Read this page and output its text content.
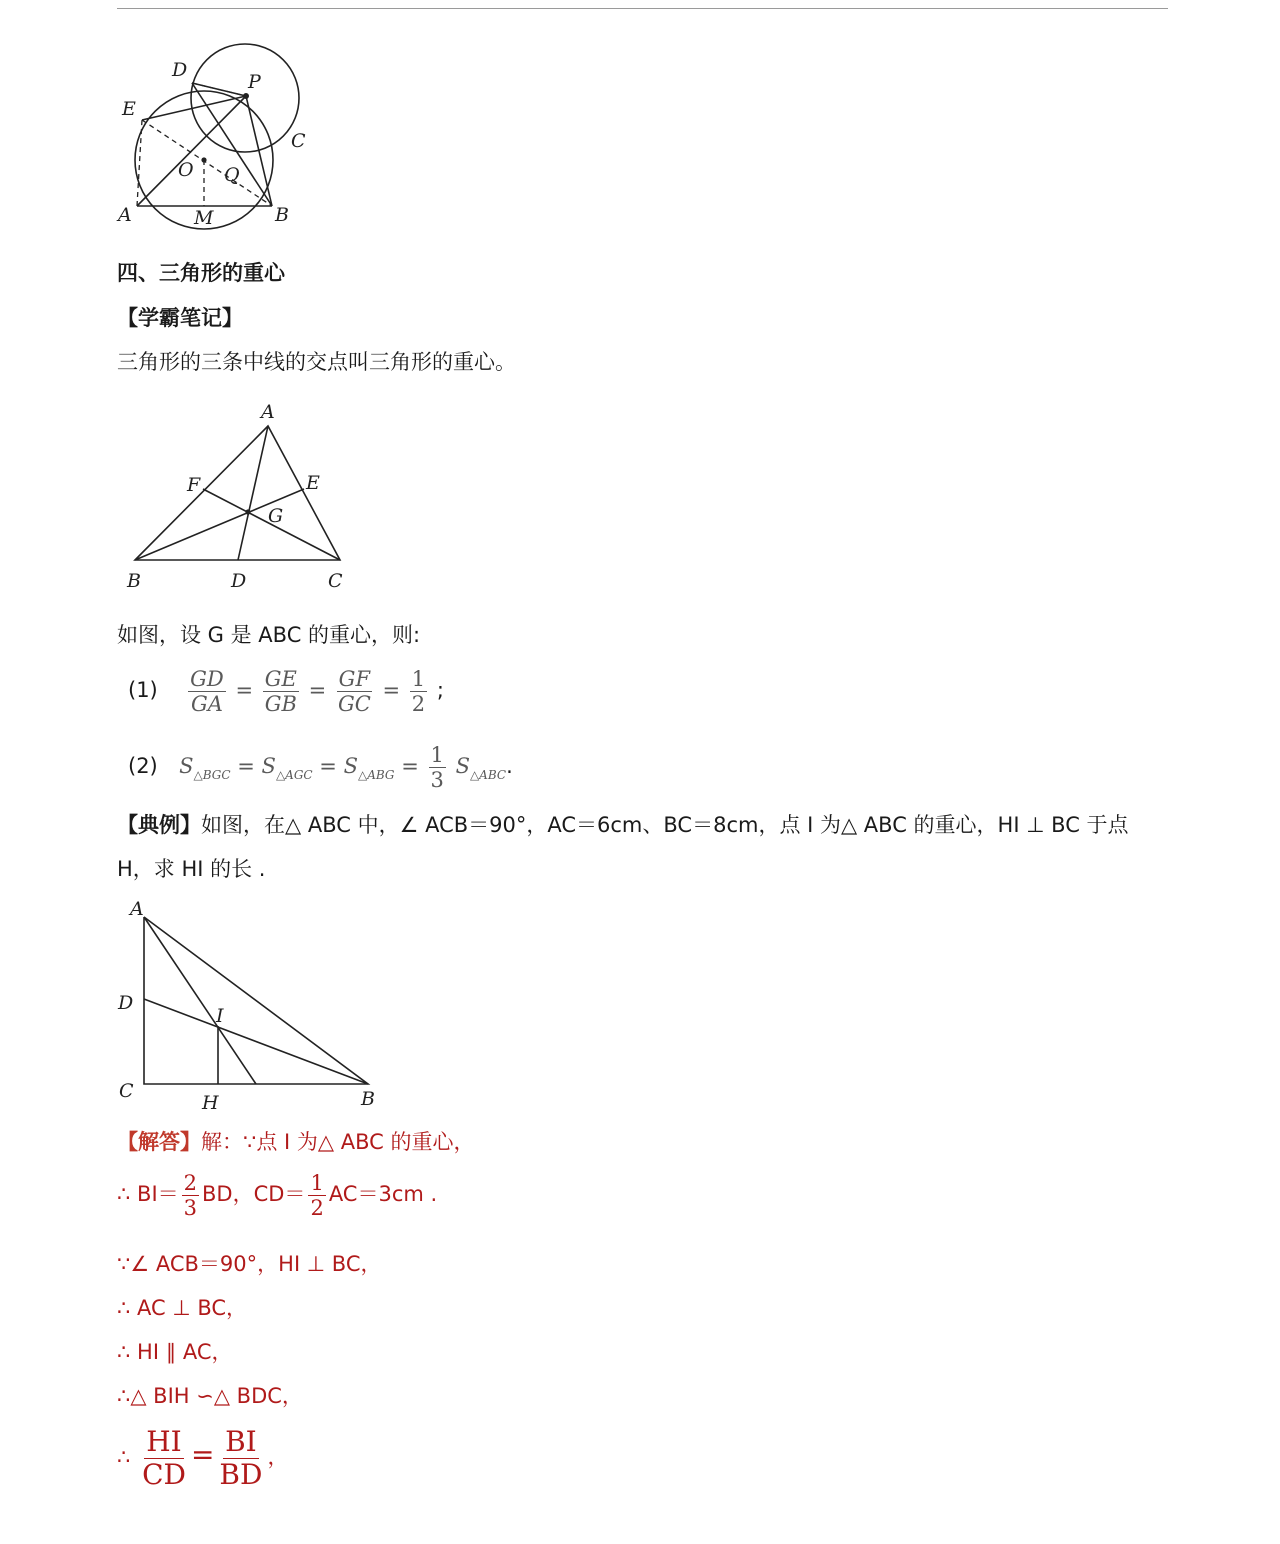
D
P
E
C
O Q
A	M	B
四、三角形的重心
【学霸笔记】
三角形的三条中线的交点叫三角形的重心。
A
F	E
G
B	D	C
如图，设 G 是 ABC 的重心，则:
$(1) \frac{GD}{GA} = \frac{GE}{GB} = \frac{GF}{GC} = \frac{1}{2}$ ;
(2) $S_{\triangle BGC} = S_{\triangle AGC} = S_{\triangle ABG} = \frac{1}{3} S_{\triangle ABC}$.
【典例】如图，在△ ABC 中，∠ ACB＝90°，AC＝6cm、BC＝8cm，点 I 为△ ABC 的重心，HI ⊥ BC 于点
H，求 HI 的长 .
A
D
I
C
H	B
【解答】解：∵点 I 为△ ABC 的重心，
∴ $BI= \frac{2}{3}$ BD，$CD= \frac{1}{2} AC=3cm$ .
∵∠ ACB＝90°，HI ⊥ BC，
∴ AC ⊥ BC，
∴ HI ∥ AC，
∴△ BIH ∽△ BDC，
∴ $\frac{HI}{CD} = \frac{BI}{BD}$ ，
